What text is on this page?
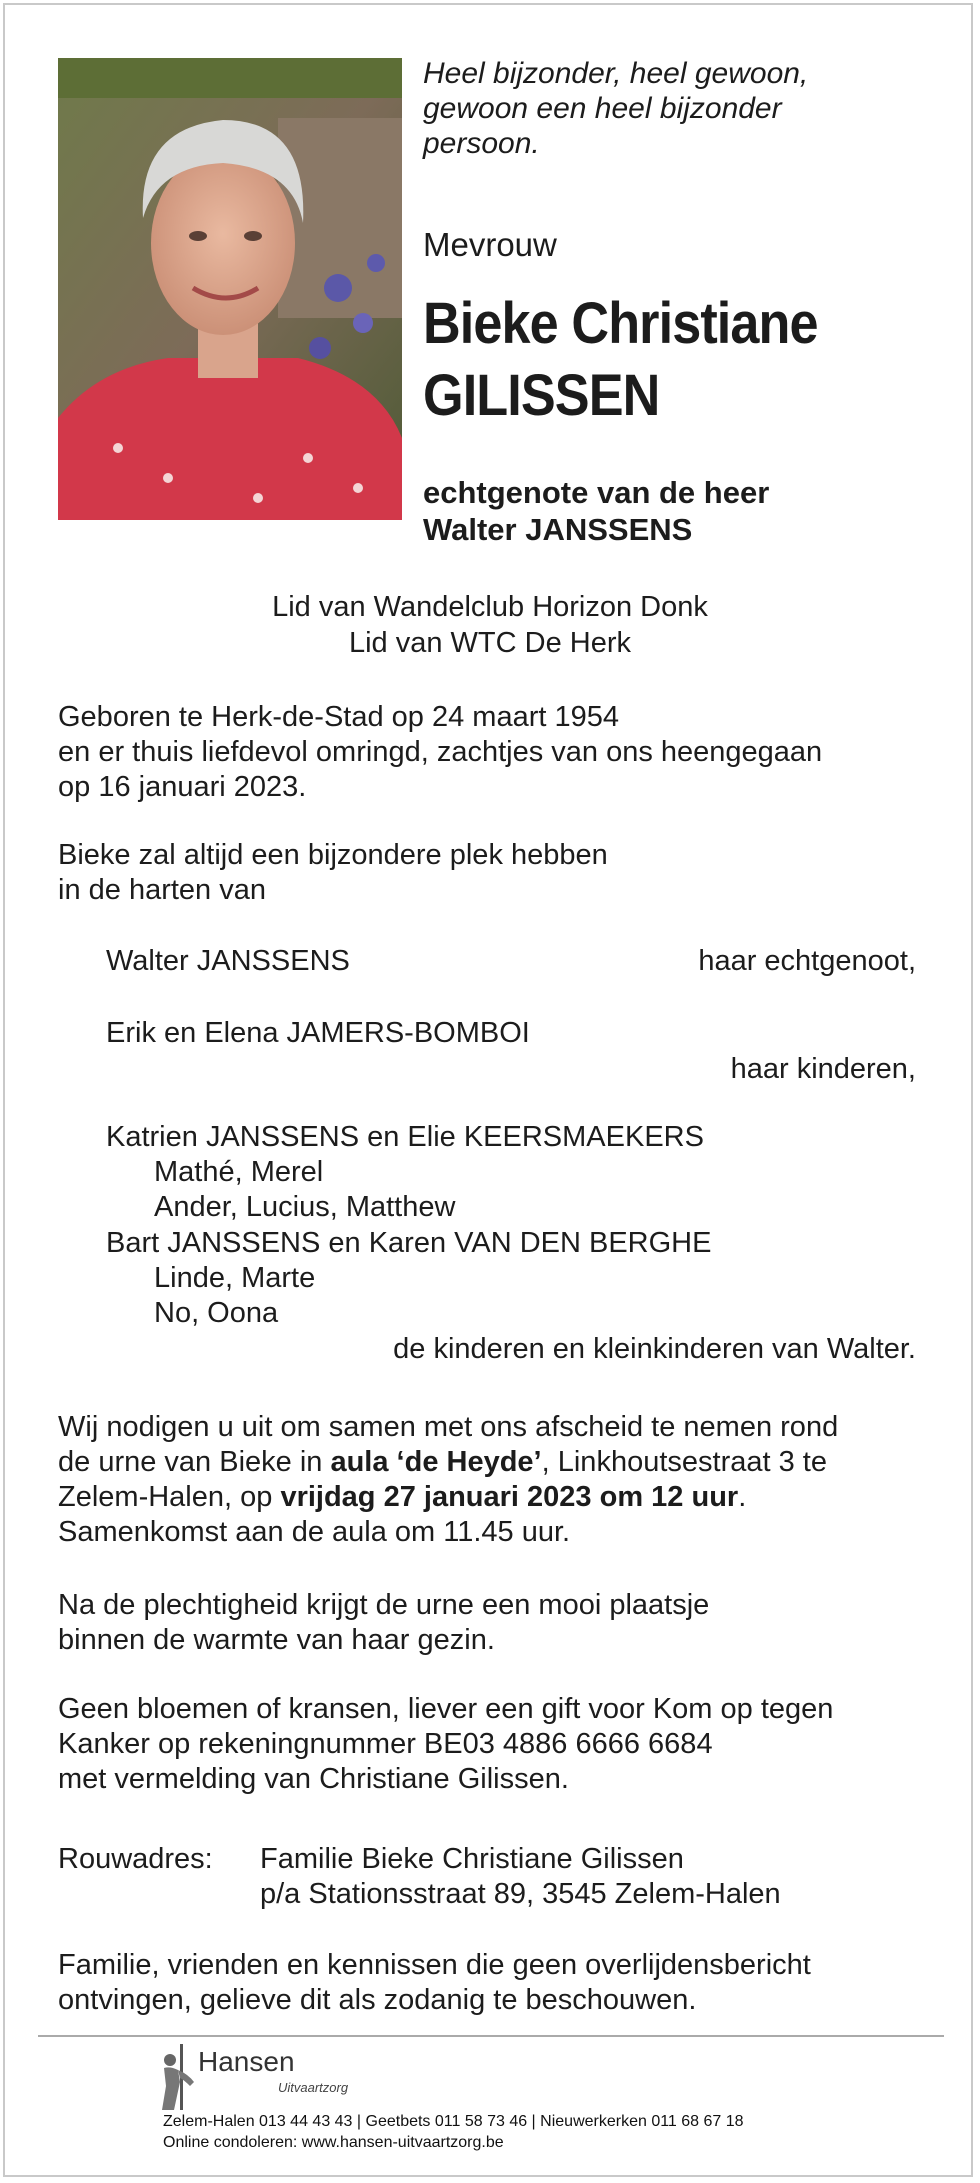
Heel bijzonder, heel gewoon,
gewoon een heel bijzonder
persoon.
Mevrouw
Bieke Christiane
GILISSEN
echtgenote van de heer
Walter JANSSENS
Lid van Wandelclub Horizon Donk
Lid van WTC De Herk
Geboren te Herk-de-Stad op 24 maart 1954
en er thuis liefdevol omringd, zachtjes van ons heengegaan
op 16 januari 2023.
Bieke zal altijd een bijzondere plek hebben
in de harten van
Walter JANSSENS	haar echtgenoot,
Erik en Elena JAMERS-BOMBOI
haar kinderen,
Katrien JANSSENS en Elie KEERSMAEKERS
Mathé, Merel
Ander, Lucius, Matthew
Bart JANSSENS en Karen VAN DEN BERGHE
Linde, Marte
No, Oona
de kinderen en kleinkinderen van Walter.
Wij nodigen u uit om samen met ons afscheid te nemen rond
de urne van Bieke in aula ‘de Heyde’, Linkhoutsestraat 3 te
Zelem-Halen, op vrijdag 27 januari 2023 om 12 uur.
Samenkomst aan de aula om 11.45 uur.
Na de plechtigheid krijgt de urne een mooi plaatsje
binnen de warmte van haar gezin.
Geen bloemen of kransen, liever een gift voor Kom op tegen
Kanker op rekeningnummer BE03 4886 6666 6684
met vermelding van Christiane Gilissen.
Rouwadres: Familie Bieke Christiane Gilissen
p/a Stationsstraat 89, 3545 Zelem-Halen
Familie, vrienden en kennissen die geen overlijdensbericht
ontvingen, gelieve dit als zodanig te beschouwen.
Hansen
Uitvaartzorg
Zelem-Halen 013 44 43 43 | Geetbets 011 58 73 46 | Nieuwerkerken 011 68 67 18
Online condoleren: www.hansen-uitvaartzorg.be
